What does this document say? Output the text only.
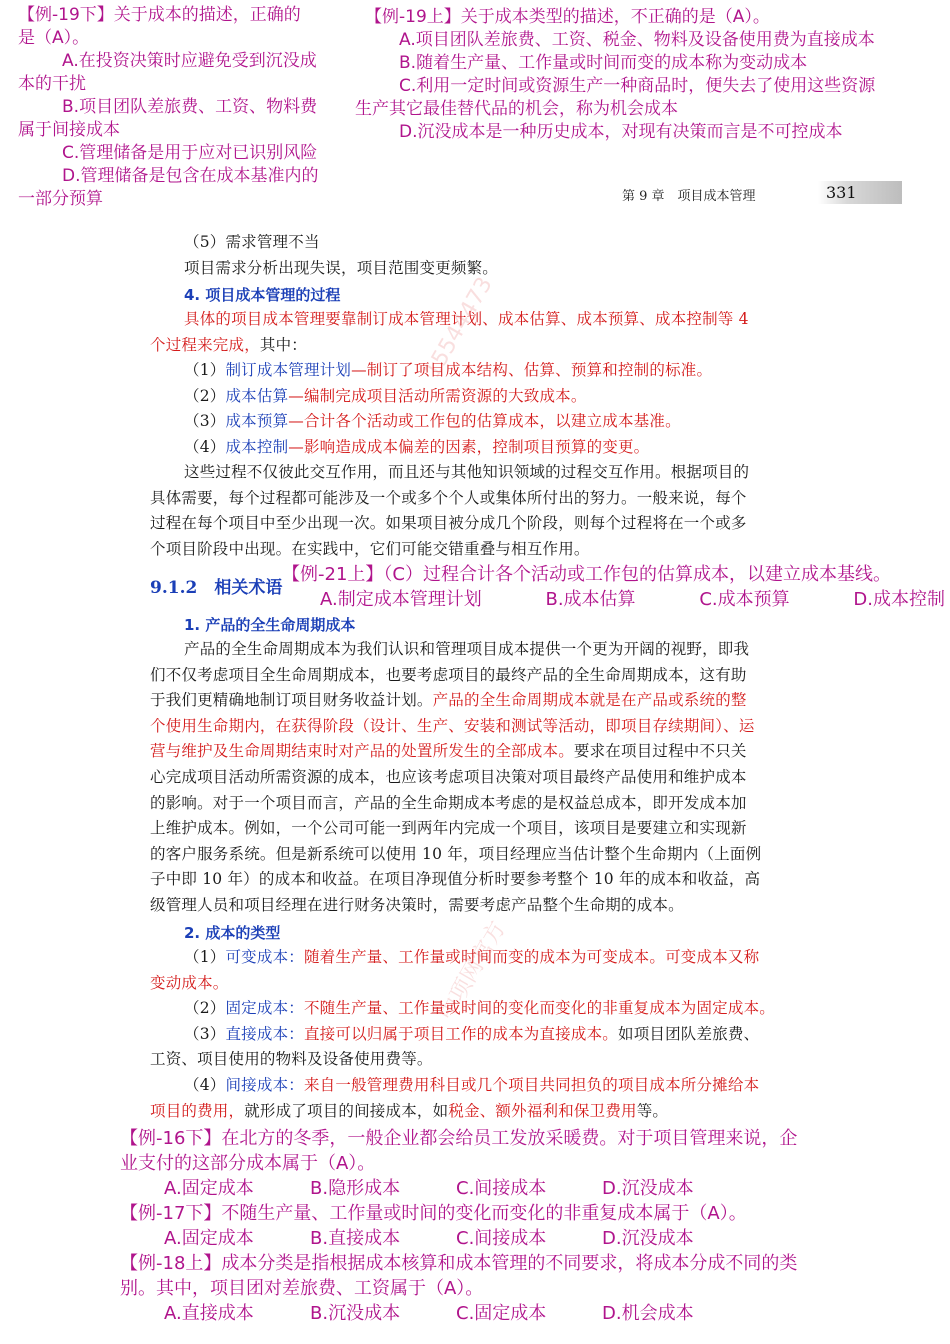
15544473
中项网官方
【例-19下】关于成本的描述，正确的
是（A）。
A.在投资决策时应避免受到沉没成
本的干扰
B.项目团队差旅费、工资、物料费
属于间接成本
C.管理储备是用于应对已识别风险
D.管理储备是包含在成本基准内的
一部分预算
【例-19上】关于成本类型的描述，不正确的是（A）。
A.项目团队差旅费、工资、税金、物料及设备使用费为直接成本
B.随着生产量、工作量或时间而变的成本称为变动成本
C.利用一定时间或资源生产一种商品时，便失去了使用这些资源
生产其它最佳替代品的机会，称为机会成本
D.沉没成本是一种历史成本，对现有决策而言是不可控成本
第 9 章　项目成本管理	331
（5）需求管理不当
项目需求分析出现失误，项目范围变更频繁。
4. 项目成本管理的过程
具体的项目成本管理要靠制订成本管理计划、成本估算、成本预算、成本控制等 4
个过程来完成，其中：
（1）制订成本管理计划—制订了项目成本结构、估算、预算和控制的标准。
（2）成本估算—编制完成项目活动所需资源的大致成本。
（3）成本预算—合计各个活动或工作包的估算成本，以建立成本基准。
（4）成本控制—影响造成成本偏差的因素，控制项目预算的变更。
这些过程不仅彼此交互作用，而且还与其他知识领域的过程交互作用。根据项目的
具体需要，每个过程都可能涉及一个或多个个人或集体所付出的努力。一般来说，每个
过程在每个项目中至少出现一次。如果项目被分成几个阶段，则每个过程将在一个或多
个项目阶段中出现。在实践中，它们可能交错重叠与相互作用。
9.1.2　相关术语
【例-21上】（C）过程合计各个活动或工作包的估算成本，以建立成本基线。
A.制定成本管理计划	B.成本估算	C.成本预算	D.成本控制
1. 产品的全生命周期成本
产品的全生命周期成本为我们认识和管理项目成本提供一个更为开阔的视野，即我
们不仅考虑项目全生命周期成本，也要考虑项目的最终产品的全生命周期成本，这有助
于我们更精确地制订项目财务收益计划。产品的全生命周期成本就是在产品或系统的整
个使用生命期内，在获得阶段（设计、生产、安装和测试等活动，即项目存续期间）、运
营与维护及生命周期结束时对产品的处置所发生的全部成本。要求在项目过程中不只关
心完成项目活动所需资源的成本，也应该考虑项目决策对项目最终产品使用和维护成本
的影响。对于一个项目而言，产品的全生命期成本考虑的是权益总成本，即开发成本加
上维护成本。例如，一个公司可能一到两年内完成一个项目，该项目是要建立和实现新
的客户服务系统。但是新系统可以使用 10 年，项目经理应当估计整个生命期内（上面例
子中即 10 年）的成本和收益。在项目净现值分析时要参考整个 10 年的成本和收益，高
级管理人员和项目经理在进行财务决策时，需要考虑产品整个生命期的成本。
2. 成本的类型
（1）可变成本：随着生产量、工作量或时间而变的成本为可变成本。可变成本又称
变动成本。
（2）固定成本：不随生产量、工作量或时间的变化而变化的非重复成本为固定成本。
（3）直接成本：直接可以归属于项目工作的成本为直接成本。如项目团队差旅费、
工资、项目使用的物料及设备使用费等。
（4）间接成本：来自一般管理费用科目或几个项目共同担负的项目成本所分摊给本
项目的费用，就形成了项目的间接成本，如税金、额外福利和保卫费用等。
【例-16下】在北方的冬季，一般企业都会给员工发放采暖费。对于项目管理来说，企
业支付的这部分成本属于（A）。
A.固定成本	B.隐形成本	C.间接成本	D.沉没成本
【例-17下】不随生产量、工作量或时间的变化而变化的非重复成本属于（A）。
A.固定成本	B.直接成本	C.间接成本	D.沉没成本
【例-18上】成本分类是指根据成本核算和成本管理的不同要求，将成本分成不同的类
别。其中，项目团对差旅费、工资属于（A）。
A.直接成本	B.沉没成本	C.固定成本	D.机会成本
